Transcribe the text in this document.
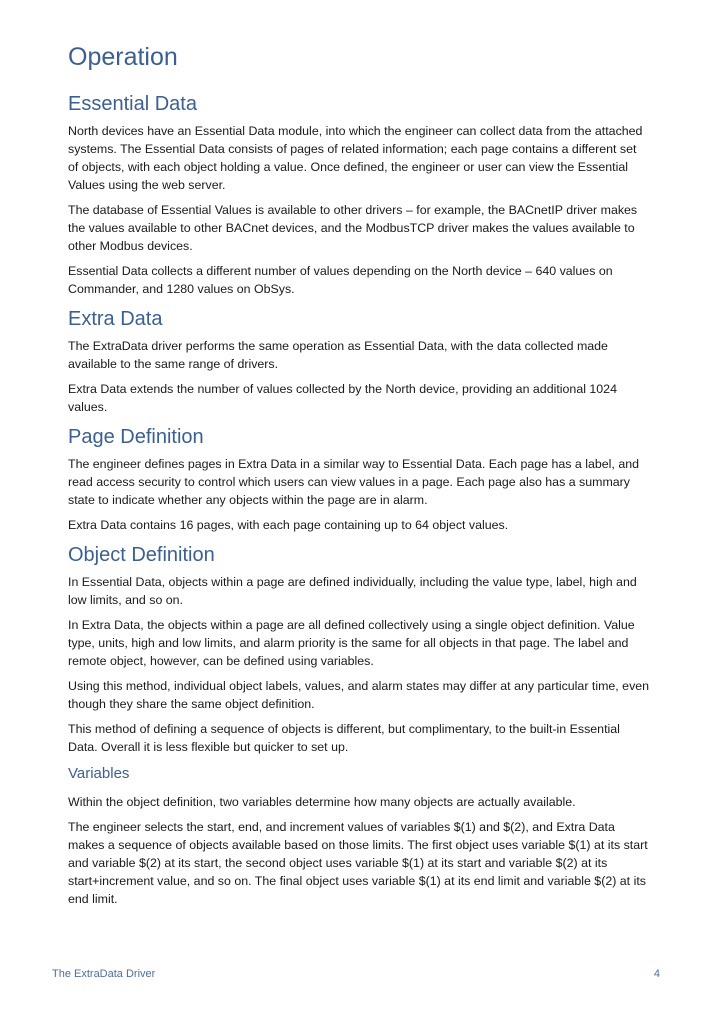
Operation
Essential Data

North devices have an Essential Data module, into which the engineer can collect data from the attached systems. The Essential Data consists of pages of related information; each page contains a different set of objects, with each object holding a value. Once defined, the engineer or user can view the Essential Values using the web server.

The database of Essential Values is available to other drivers – for example, the BACnetIP driver makes the values available to other BACnet devices, and the ModbusTCP driver makes the values available to other Modbus devices.

Essential Data collects a different number of values depending on the North device – 640 values on Commander, and 1280 values on ObSys.

Extra Data

The ExtraData driver performs the same operation as Essential Data, with the data collected made available to the same range of drivers.

Extra Data extends the number of values collected by the North device, providing an additional 1024 values.

Page Definition

The engineer defines pages in Extra Data in a similar way to Essential Data. Each page has a label, and read access security to control which users can view values in a page. Each page also has a summary state to indicate whether any objects within the page are in alarm.

Extra Data contains 16 pages, with each page containing up to 64 object values.

Object Definition

In Essential Data, objects within a page are defined individually, including the value type, label, high and low limits, and so on.

In Extra Data, the objects within a page are all defined collectively using a single object definition. Value type, units, high and low limits, and alarm priority is the same for all objects in that page. The label and remote object, however, can be defined using variables.

Using this method, individual object labels, values, and alarm states may differ at any particular time, even though they share the same object definition.

This method of defining a sequence of objects is different, but complimentary, to the built-in Essential Data. Overall it is less flexible but quicker to set up.

Variables

Within the object definition, two variables determine how many objects are actually available.

The engineer selects the start, end, and increment values of variables $(1) and $(2), and Extra Data makes a sequence of objects available based on those limits. The first object uses variable $(1) at its start and variable $(2) at its start, the second object uses variable $(1) at its start and variable $(2) at its start+increment value, and so on. The final object uses variable $(1) at its end limit and variable $(2) at its end limit.

The ExtraData Driver	4
